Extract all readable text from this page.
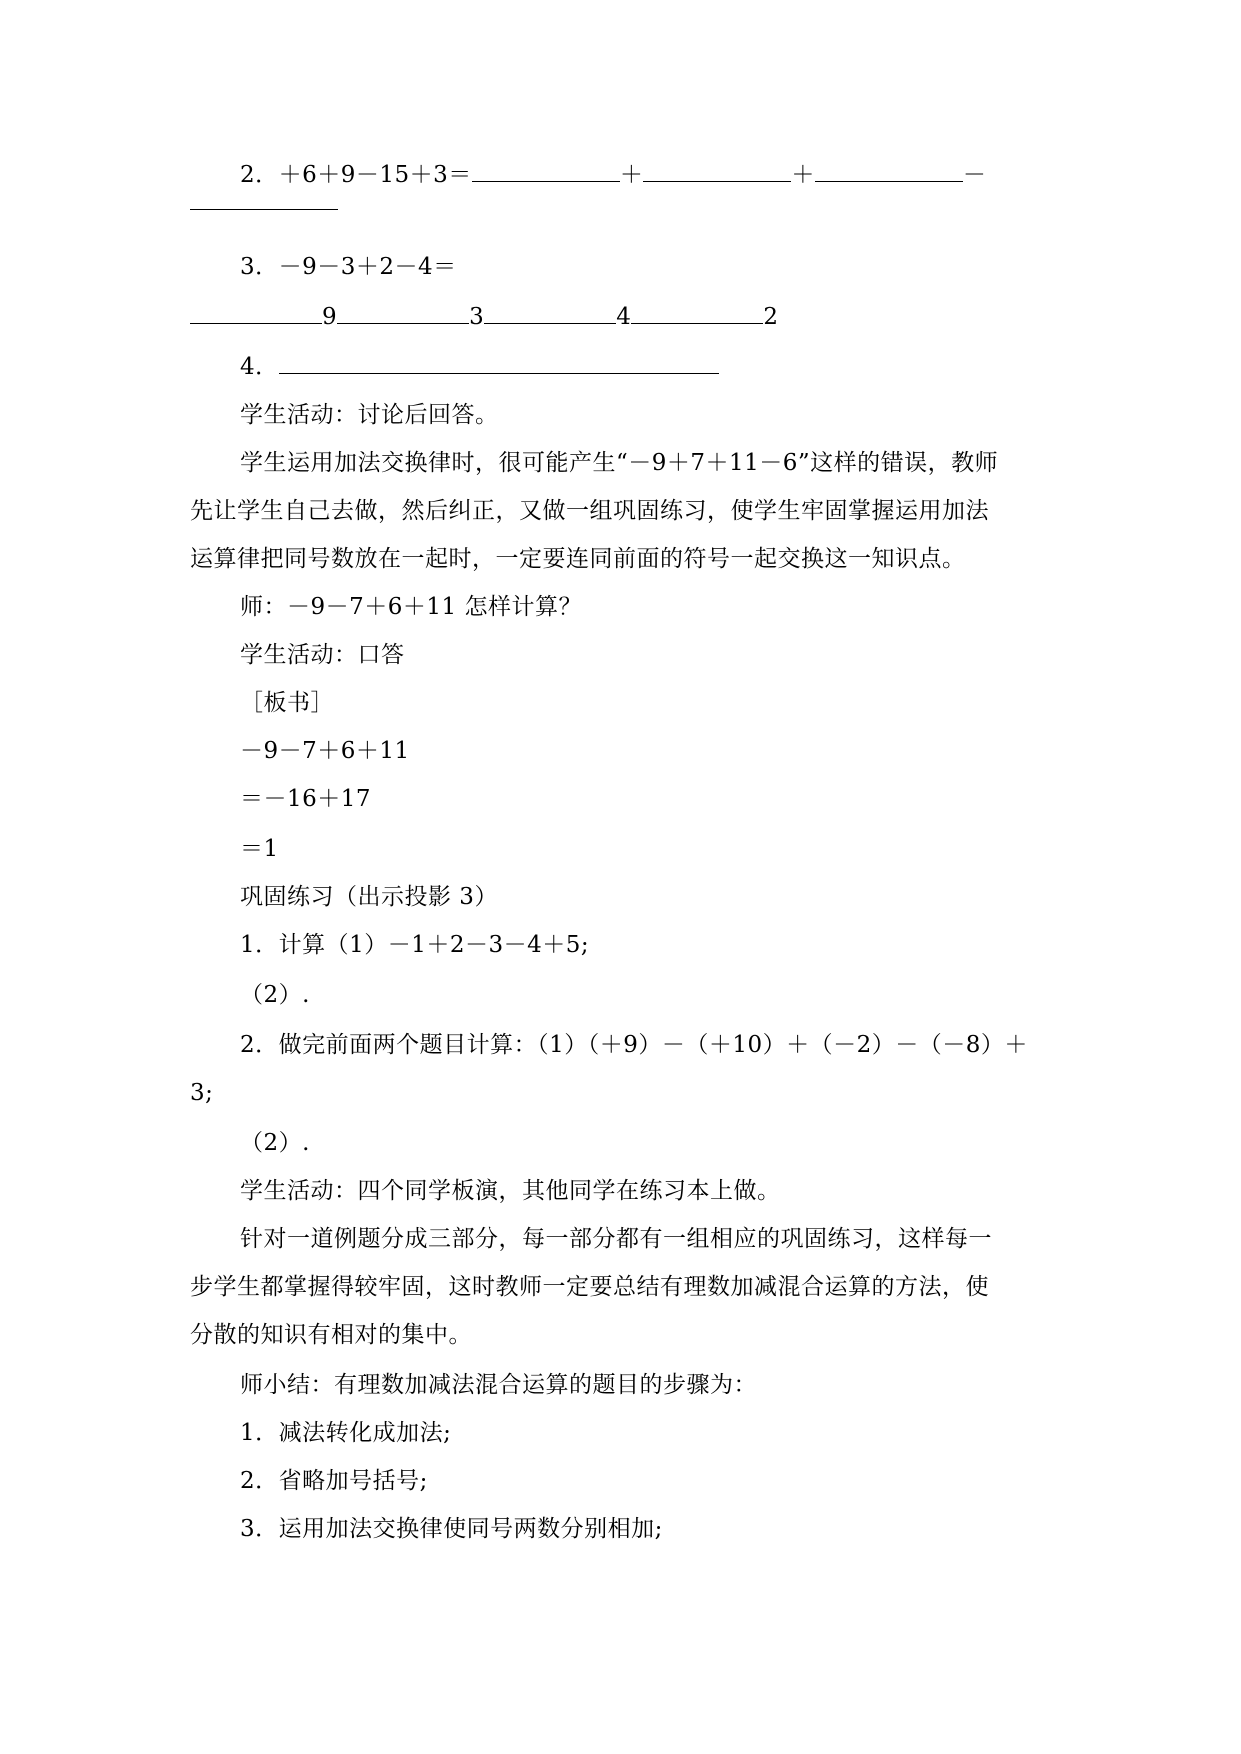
2．＋6＋9－15＋3＝	＋	＋	－
3．－9－3＋2－4＝
9	3	4	2
4．
学生活动：讨论后回答。
学生运用加法交换律时，很可能产生“－9＋7＋11－6”这样的错误，教师
先让学生自己去做，然后纠正，又做一组巩固练习，使学生牢固掌握运用加法
运算律把同号数放在一起时，一定要连同前面的符号一起交换这一知识点。
师：－9－7＋6＋11 怎样计算？
学生活动：口答
［板书］
－9－7＋6＋11
＝－16＋17
＝1
巩固练习（出示投影 3）
1．计算（1）－1＋2－3－4＋5;
（2）.
2．做完前面两个题目计算：（1）（＋9）－（＋10）＋（－2）－（－8）＋
3;
（2）.
学生活动：四个同学板演，其他同学在练习本上做。
针对一道例题分成三部分，每一部分都有一组相应的巩固练习，这样每一
步学生都掌握得较牢固，这时教师一定要总结有理数加减混合运算的方法，使
分散的知识有相对的集中。
师小结：有理数加减法混合运算的题目的步骤为：
1．减法转化成加法;
2．省略加号括号;
3．运用加法交换律使同号两数分别相加;
